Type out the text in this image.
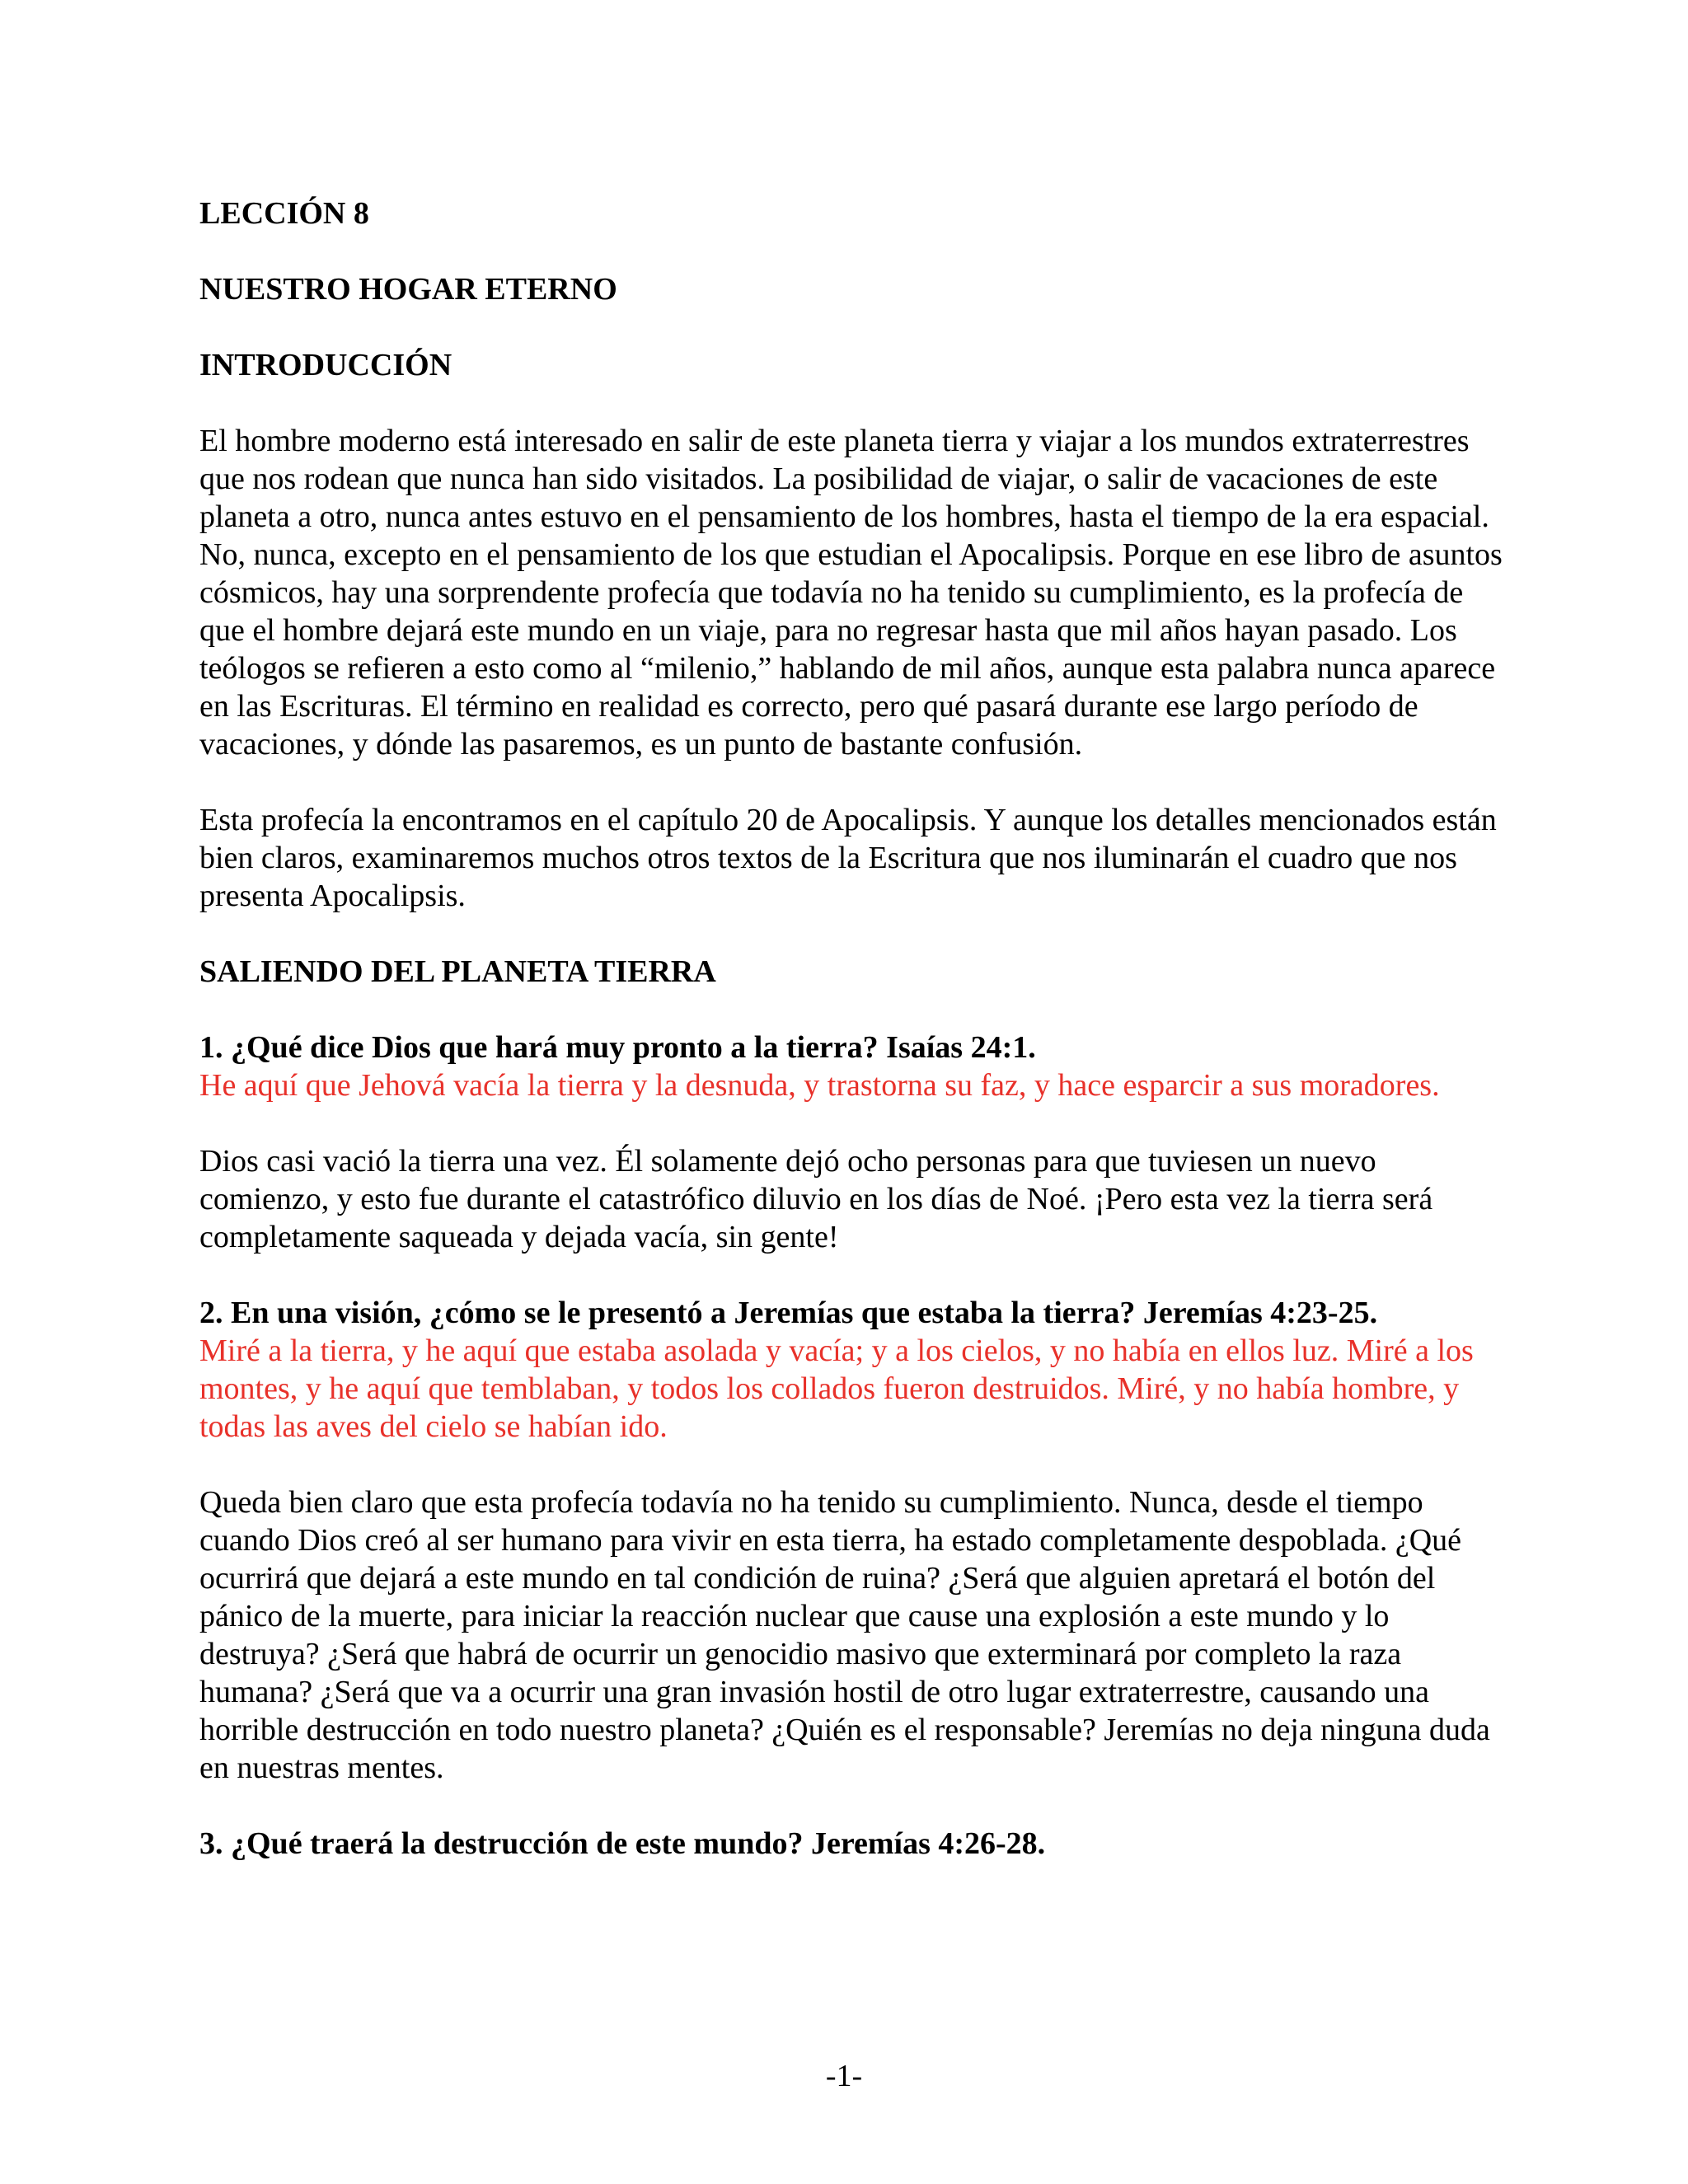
LECCIÓN 8

NUESTRO HOGAR ETERNO

INTRODUCCIÓN

El hombre moderno está interesado en salir de este planeta tierra y viajar a los mundos extraterrestres que nos rodean que nunca han sido visitados. La posibilidad de viajar, o salir de vacaciones de este planeta a otro, nunca antes estuvo en el pensamiento de los hombres, hasta el tiempo de la era espacial. No, nunca, excepto en el pensamiento de los que estudian el Apocalipsis. Porque en ese libro de asuntos cósmicos, hay una sorprendente profecía que todavía no ha tenido su cumplimiento, es la profecía de que el hombre dejará este mundo en un viaje, para no regresar hasta que mil años hayan pasado. Los teólogos se refieren a esto como al “milenio,” hablando de mil años, aunque esta palabra nunca aparece en las Escrituras. El término en realidad es correcto, pero qué pasará durante ese largo período de vacaciones, y dónde las pasaremos, es un punto de bastante confusión.

Esta profecía la encontramos en el capítulo 20 de Apocalipsis. Y aunque los detalles mencionados están bien claros, examinaremos muchos otros textos de la Escritura que nos iluminarán el cuadro que nos presenta Apocalipsis.

SALIENDO DEL PLANETA TIERRA

1. ¿Qué dice Dios que hará muy pronto a la tierra? Isaías 24:1.

He aquí que Jehová vacía la tierra y la desnuda, y trastorna su faz, y hace esparcir a sus moradores.

Dios casi vació la tierra una vez. Él solamente dejó ocho personas para que tuviesen un nuevo comienzo, y esto fue durante el catastrófico diluvio en los días de Noé. ¡Pero esta vez la tierra será completamente saqueada y dejada vacía, sin gente!

2. En una visión, ¿cómo se le presentó a Jeremías que estaba la tierra? Jeremías 4:23-25.

Miré a la tierra, y he aquí que estaba asolada y vacía; y a los cielos, y no había en ellos luz. Miré a los montes, y he aquí que temblaban, y todos los collados fueron destruidos. Miré, y no había hombre, y todas las aves del cielo se habían ido.

Queda bien claro que esta profecía todavía no ha tenido su cumplimiento. Nunca, desde el tiempo cuando Dios creó al ser humano para vivir en esta tierra, ha estado completamente despoblada. ¿Qué ocurrirá que dejará a este mundo en tal condición de ruina? ¿Será que alguien apretará el botón del pánico de la muerte, para iniciar la reacción nuclear que cause una explosión a este mundo y lo destruya? ¿Será que habrá de ocurrir un genocidio masivo que exterminará por completo la raza humana? ¿Será que va a ocurrir una gran invasión hostil de otro lugar extraterrestre, causando una horrible destrucción en todo nuestro planeta? ¿Quién es el responsable? Jeremías no deja ninguna duda en nuestras mentes.

3. ¿Qué traerá la destrucción de este mundo? Jeremías 4:26-28.

-1-
